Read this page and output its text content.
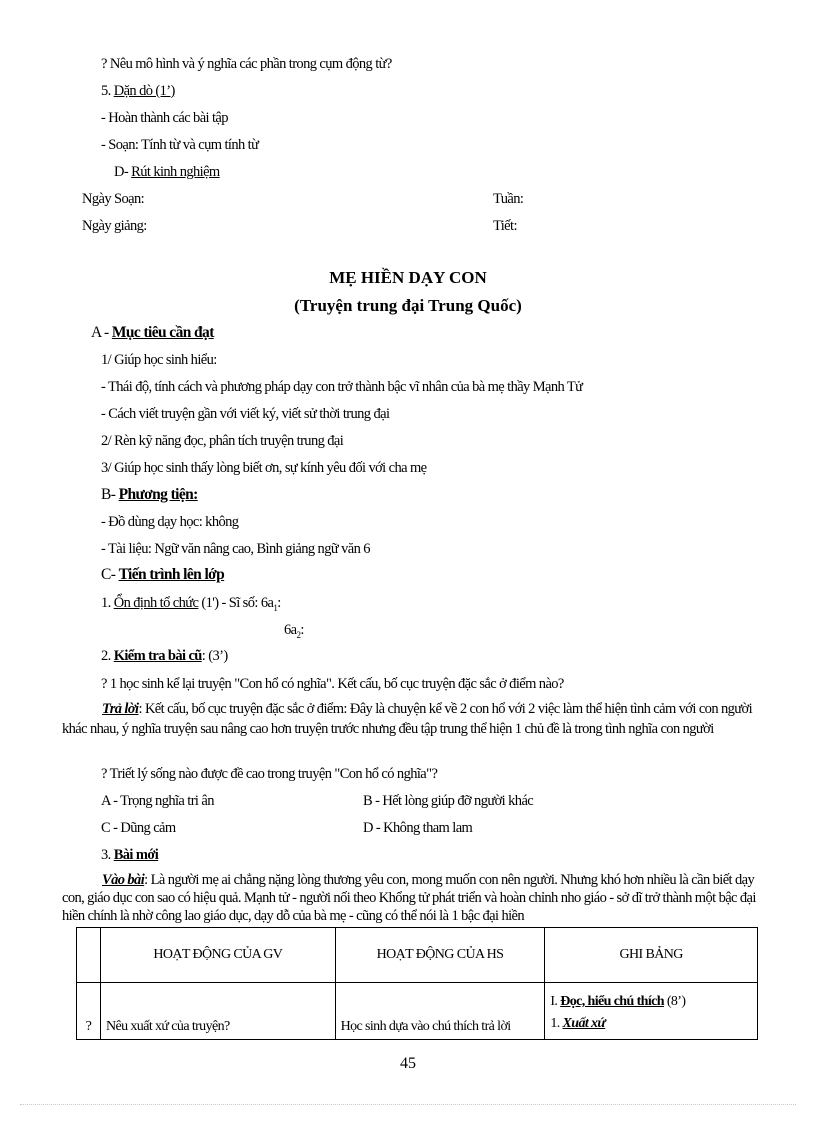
? Nêu mô hình và ý nghĩa các phần trong cụm động từ?
5. Dặn dò (1’)
- Hoàn thành các bài tập
- Soạn: Tính từ và cụm tính từ
D- Rút kinh nghiệm
Ngày Soạn:	Tuần:
Ngày giảng:	Tiết:
MẸ HIỀN DẠY CON
(Truyện trung đại Trung Quốc)
A - Mục tiêu cần đạt
1/ Giúp học sinh hiểu:
- Thái độ, tính cách và phương pháp dạy con trở thành bậc vĩ nhân của bà mẹ thầy Mạnh Tử
- Cách viết truyện gần với viết ký, viết sử thời trung đại
2/ Rèn kỹ năng đọc, phân tích truyện trung đại
3/ Giúp học sinh thấy lòng biết ơn, sự kính yêu đối với cha mẹ
B- Phương tiện:
- Đồ dùng dạy học: không
- Tài liệu: Ngữ văn nâng cao, Bình giảng ngữ văn 6
C- Tiến trình lên lớp
1. Ổn định tổ chức (1') - Sĩ số: $6a_1$:
$6a_2$:
2. Kiểm tra bài cũ: (3’)
? 1 học sinh kể lại truyện "Con hổ có nghĩa". Kết cấu, bố cục truyện đặc sắc ở điểm nào?
Trả lời: Kết cấu, bố cục truyện đặc sắc ở điểm: Đây là chuyện kể về 2 con hổ với 2 việc làm thể hiện tình cảm với con người khác nhau, ý nghĩa truyện sau nâng cao hơn truyện trước nhưng đều tập trung thể hiện 1 chủ đề là trong tình nghĩa con người
? Triết lý sống nào được đề cao trong truyện "Con hổ có nghĩa"?
A - Trọng nghĩa tri ân	B - Hết lòng giúp đỡ người khác
C - Dũng cảm	D - Không tham lam
3. Bài mới
Vào bài: Là người mẹ ai chẳng nặng lòng thương yêu con, mong muốn con nên người. Nhưng khó hơn nhiều là cần biết dạy con, giáo dục con sao có hiệu quả. Mạnh tử - người nối theo Khổng tử phát triển và hoàn chỉnh nho giáo - sở dĩ trở thành một bậc đại hiền chính là nhờ công lao giáo dục, dạy dỗ của bà mẹ - cũng có thể nói là 1 bậc đại hiền
	HOẠT ĐỘNG CỦA GV	HOẠT ĐỘNG CỦA HS	GHI BẢNG
?	Nêu xuất xứ của truyện?	Học sinh dựa vào chú thích trả lời	I. Đọc, hiểu chú thích (8’)
1. Xuất xứ
45
